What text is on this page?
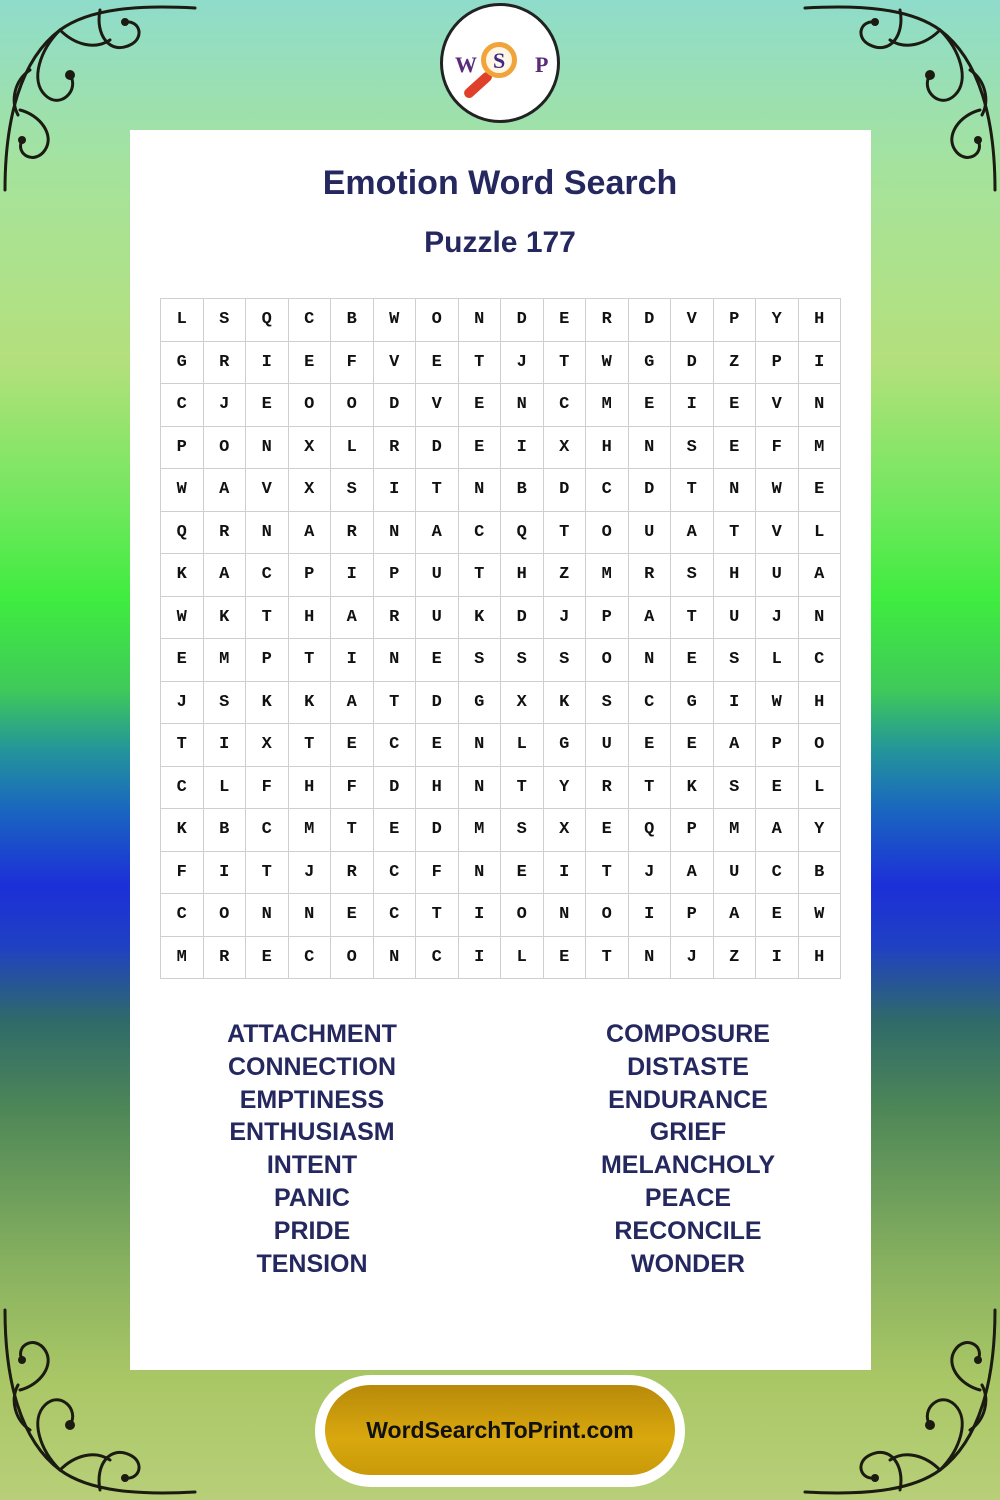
W S P
Emotion Word Search
Puzzle 177
L	S	Q	C	B	W	O	N	D	E	R	D	V	P	Y	H
G	R	I	E	F	V	E	T	J	T	W	G	D	Z	P	I
C	J	E	O	O	D	V	E	N	C	M	E	I	E	V	N
P	O	N	X	L	R	D	E	I	X	H	N	S	E	F	M
W	A	V	X	S	I	T	N	B	D	C	D	T	N	W	E
Q	R	N	A	R	N	A	C	Q	T	O	U	A	T	V	L
K	A	C	P	I	P	U	T	H	Z	M	R	S	H	U	A
W	K	T	H	A	R	U	K	D	J	P	A	T	U	J	N
E	M	P	T	I	N	E	S	S	S	O	N	E	S	L	C
J	S	K	K	A	T	D	G	X	K	S	C	G	I	W	H
T	I	X	T	E	C	E	N	L	G	U	E	E	A	P	O
C	L	F	H	F	D	H	N	T	Y	R	T	K	S	E	L
K	B	C	M	T	E	D	M	S	X	E	Q	P	M	A	Y
F	I	T	J	R	C	F	N	E	I	T	J	A	U	C	B
C	O	N	N	E	C	T	I	O	N	O	I	P	A	E	W
M	R	E	C	O	N	C	I	L	E	T	N	J	Z	I	H
ATTACHMENT
CONNECTION
EMPTINESS
ENTHUSIASM
INTENT
PANIC
PRIDE
TENSION
COMPOSURE
DISTASTE
ENDURANCE
GRIEF
MELANCHOLY
PEACE
RECONCILE
WONDER
WordSearchToPrint.com
